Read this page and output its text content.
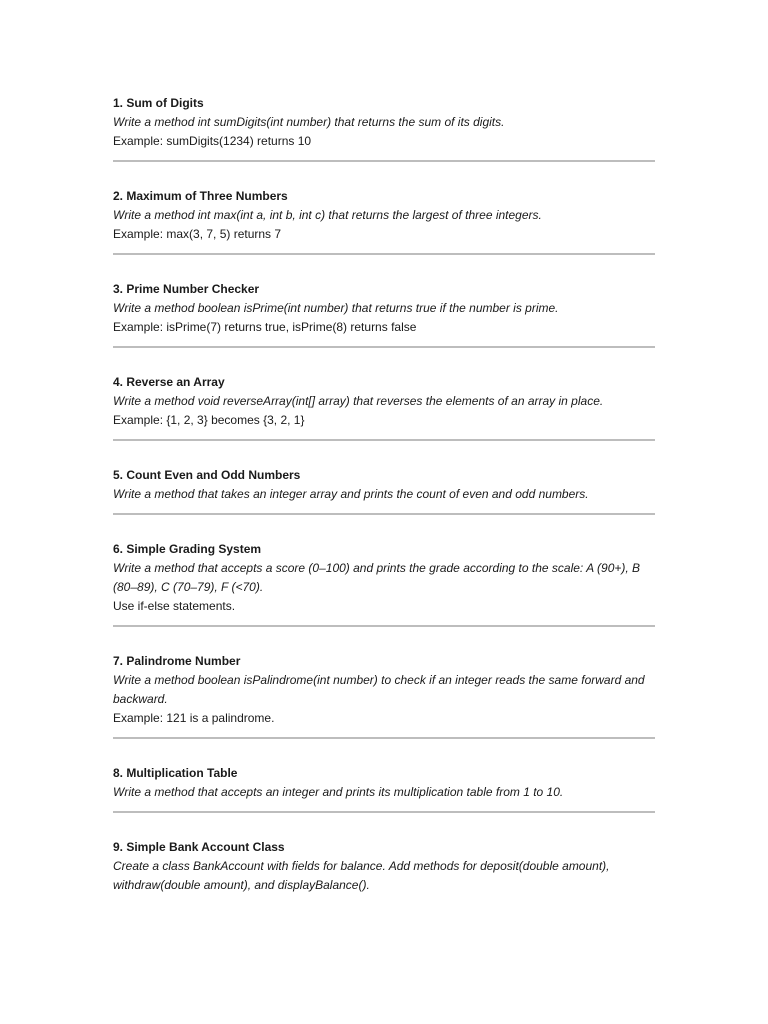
1. Sum of Digits

Write a method int sumDigits(int number) that returns the sum of its digits.

Example: sumDigits(1234) returns 10

2. Maximum of Three Numbers

Write a method int max(int a, int b, int c) that returns the largest of three integers.

Example: max(3, 7, 5) returns 7

3. Prime Number Checker

Write a method boolean isPrime(int number) that returns true if the number is prime.

Example: isPrime(7) returns true, isPrime(8) returns false

4. Reverse an Array

Write a method void reverseArray(int[] array) that reverses the elements of an array in place.

Example: {1, 2, 3} becomes {3, 2, 1}

5. Count Even and Odd Numbers

Write a method that takes an integer array and prints the count of even and odd numbers.

6. Simple Grading System

Write a method that accepts a score (0–100) and prints the grade according to the scale: A (90+), B (80–89), C (70–79), F (<70).

Use if-else statements.

7. Palindrome Number

Write a method boolean isPalindrome(int number) to check if an integer reads the same forward and backward.

Example: 121 is a palindrome.

8. Multiplication Table

Write a method that accepts an integer and prints its multiplication table from 1 to 10.

9. Simple Bank Account Class

Create a class BankAccount with fields for balance. Add methods for deposit(double amount), withdraw(double amount), and displayBalance().
